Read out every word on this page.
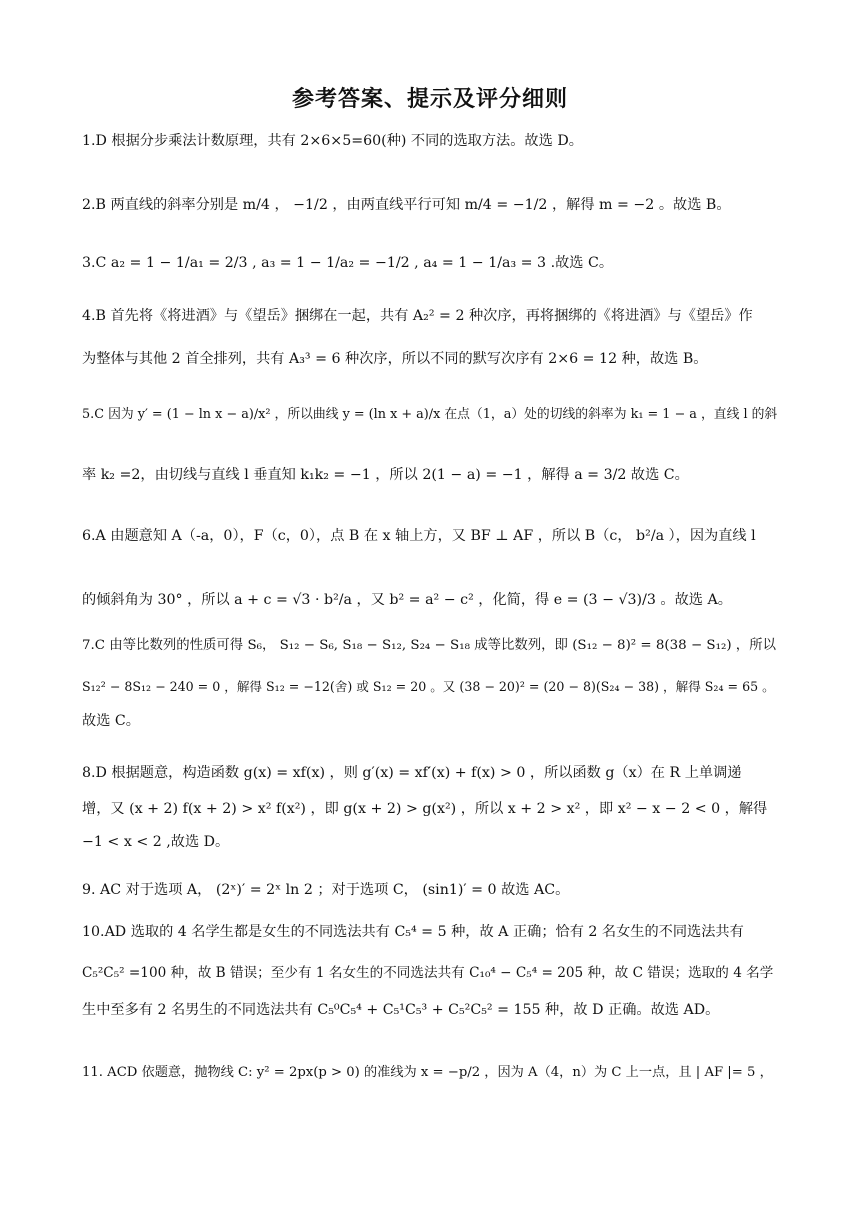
参考答案、提示及评分细则
1.D 根据分步乘法计数原理，共有 2×6×5=60(种) 不同的选取方法。故选 D。
2.B 两直线的斜率分别是 m/4 ， −1/2 ，由两直线平行可知 m/4 = −1/2 ，解得 m = −2 。故选 B。
3.C a₂ = 1 − 1/a₁ = 2/3 , a₃ = 1 − 1/a₂ = −1/2 , a₄ = 1 − 1/a₃ = 3 .故选 C。
4.B 首先将《将进酒》与《望岳》捆绑在一起，共有 A₂² = 2 种次序，再将捆绑的《将进酒》与《望岳》作
为整体与其他 2 首全排列，共有 A₃³ = 6 种次序，所以不同的默写次序有 2×6 = 12 种，故选 B。
5.C 因为 y′ = (1 − ln x − a)/x² ，所以曲线 y = (ln x + a)/x 在点（1，a）处的切线的斜率为 k₁ = 1 − a ，直线 l 的斜
率 k₂ =2，由切线与直线 l 垂直知 k₁k₂ = −1 ，所以 2(1 − a) = −1 ，解得 a = 3/2 故选 C。
6.A 由题意知 A（-a，0），F（c，0），点 B 在 x 轴上方，又 BF ⊥ AF ，所以 B（c， b²/a ），因为直线 l
的倾斜角为 30° ，所以 a + c = √3 · b²/a ，又 b² = a² − c² ，化简，得 e = (3 − √3)/3 。故选 A。
7.C 由等比数列的性质可得 S₆， S₁₂ − S₆, S₁₈ − S₁₂, S₂₄ − S₁₈ 成等比数列，即 (S₁₂ − 8)² = 8(38 − S₁₂) ，所以
S₁₂² − 8S₁₂ − 240 = 0 ，解得 S₁₂ = −12(舍) 或 S₁₂ = 20 。又 (38 − 20)² = (20 − 8)(S₂₄ − 38) ，解得 S₂₄ = 65 。
故选 C。
8.D 根据题意，构造函数 g(x) = xf(x) ，则 g′(x) = xf′(x) + f(x) > 0 ，所以函数 g（x）在 R 上单调递
增，又 (x + 2) f(x + 2) > x² f(x²) ，即 g(x + 2) > g(x²) ，所以 x + 2 > x² ，即 x² − x − 2 < 0 ，解得
−1 < x < 2 ,故选 D。
9. AC 对于选项 A， (2ˣ)′ = 2ˣ ln 2 ；对于选项 C， (sin1)′ = 0 故选 AC。
10.AD 选取的 4 名学生都是女生的不同选法共有 C₅⁴ = 5 种，故 A 正确；恰有 2 名女生的不同选法共有
C₅²C₅² =100 种，故 B 错误；至少有 1 名女生的不同选法共有 C₁₀⁴ − C₅⁴ = 205 种，故 C 错误；选取的 4 名学
生中至多有 2 名男生的不同选法共有 C₅⁰C₅⁴ + C₅¹C₅³ + C₅²C₅² = 155 种，故 D 正确。故选 AD。
11. ACD 依题意，抛物线 C: y² = 2px(p > 0) 的准线为 x = −p/2 ，因为 A（4，n）为 C 上一点，且 | AF |= 5 ，
